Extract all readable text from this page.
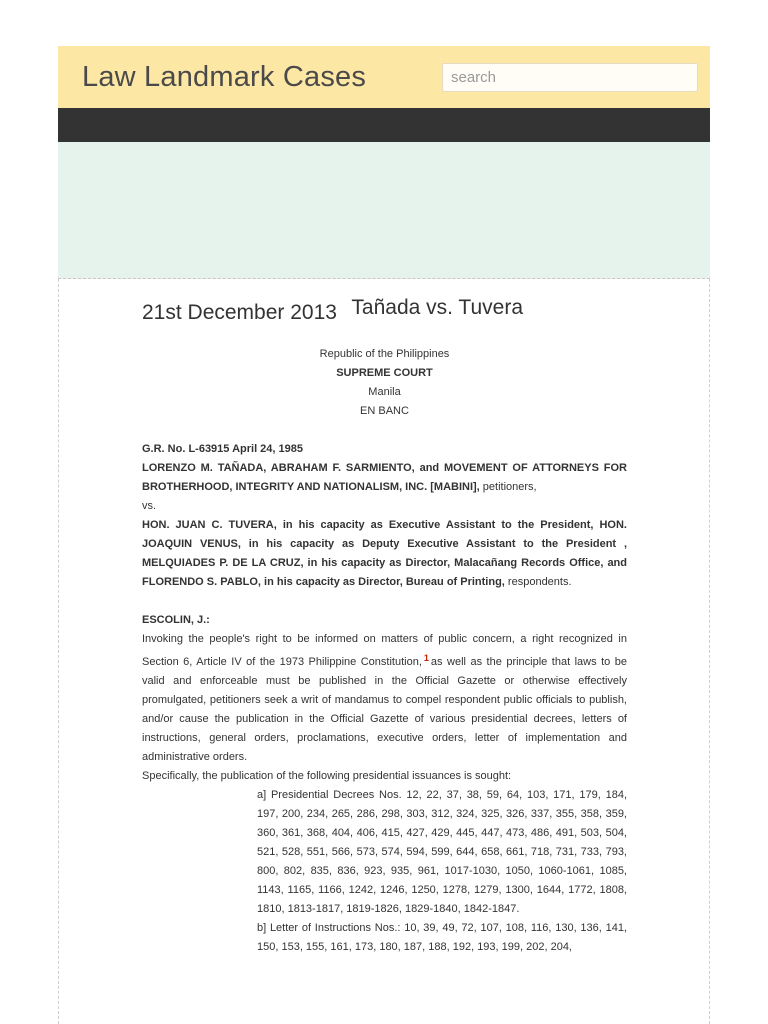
Law Landmark Cases
search
21st December 2013 Tañada vs. Tuvera
Republic of the Philippines
SUPREME COURT
Manila
EN BANC
G.R. No. L-63915 April 24, 1985
LORENZO M. TAÑADA, ABRAHAM F. SARMIENTO, and MOVEMENT OF ATTORNEYS FOR BROTHERHOOD, INTEGRITY AND NATIONALISM, INC. [MABINI], petitioners,
vs.
HON. JUAN C. TUVERA, in his capacity as Executive Assistant to the President, HON. JOAQUIN VENUS, in his capacity as Deputy Executive Assistant to the President , MELQUIADES P. DE LA CRUZ, in his capacity as Director, Malacañang Records Office, and FLORENDO S. PABLO, in his capacity as Director, Bureau of Printing, respondents.
ESCOLIN, J.:
Invoking the people's right to be informed on matters of public concern, a right recognized in Section 6, Article IV of the 1973 Philippine Constitution, $^1$ as well as the principle that laws to be valid and enforceable must be published in the Official Gazette or otherwise effectively promulgated, petitioners seek a writ of mandamus to compel respondent public officials to publish, and/or cause the publication in the Official Gazette of various presidential decrees, letters of instructions, general orders, proclamations, executive orders, letter of implementation and administrative orders.
Specifically, the publication of the following presidential issuances is sought:
a] Presidential Decrees Nos. 12, 22, 37, 38, 59, 64, 103, 171, 179, 184, 197, 200, 234, 265, 286, 298, 303, 312, 324, 325, 326, 337, 355, 358, 359, 360, 361, 368, 404, 406, 415, 427, 429, 445, 447, 473, 486, 491, 503, 504, 521, 528, 551, 566, 573, 574, 594, 599, 644, 658, 661, 718, 731, 733, 793, 800, 802, 835, 836, 923, 935, 961, 1017-1030, 1050, 1060-1061, 1085, 1143, 1165, 1166, 1242, 1246, 1250, 1278, 1279, 1300, 1644, 1772, 1808, 1810, 1813-1817, 1819-1826, 1829-1840, 1842-1847.
b] Letter of Instructions Nos.: 10, 39, 49, 72, 107, 108, 116, 130, 136, 141, 150, 153, 155, 161, 173, 180, 187, 188, 192, 193, 199, 202, 204,
